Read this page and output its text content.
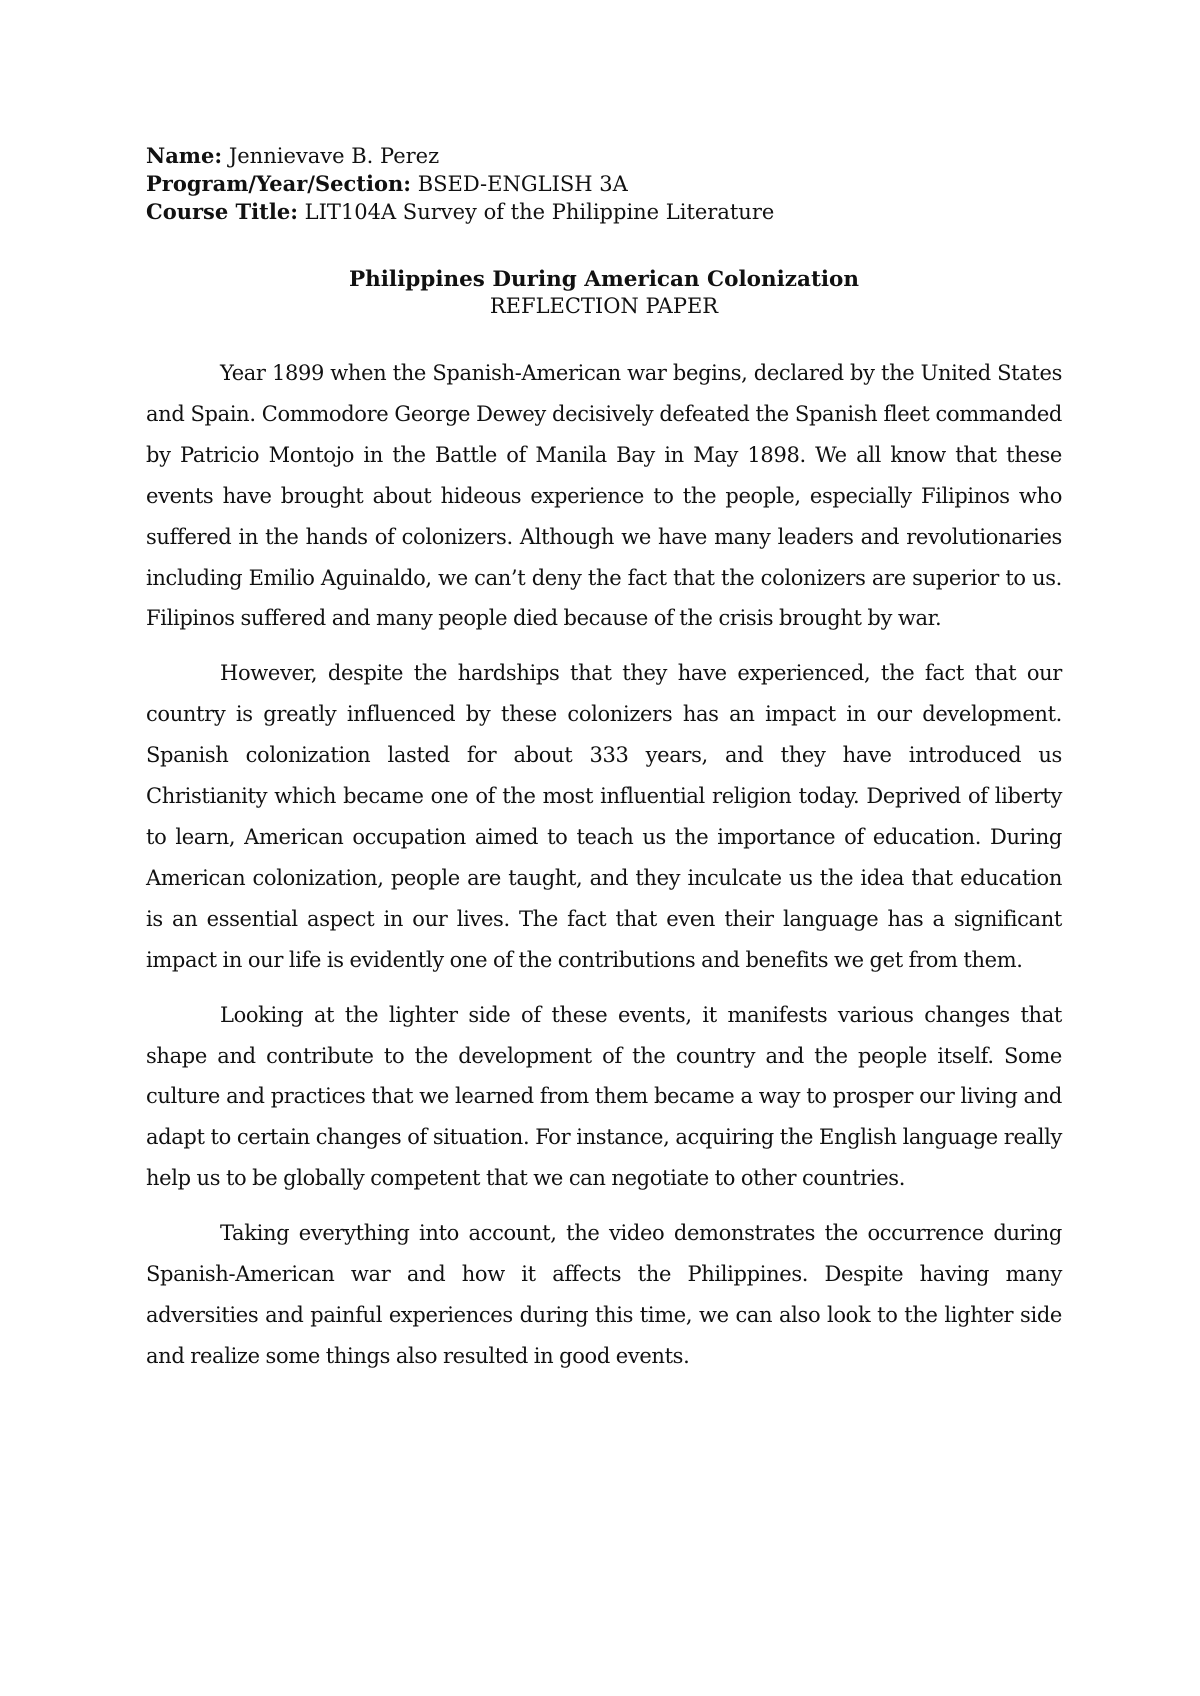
Name: Jennievave B. Perez

Program/Year/Section: BSED-ENGLISH 3A

Course Title: LIT104A Survey of the Philippine Literature

Philippines During American Colonization

REFLECTION PAPER

Year 1899 when the Spanish-American war begins, declared by the United States and Spain. Commodore George Dewey decisively defeated the Spanish fleet commanded by Patricio Montojo in the Battle of Manila Bay in May 1898. We all know that these events have brought about hideous experience to the people, especially Filipinos who suffered in the hands of colonizers. Although we have many leaders and revolutionaries including Emilio Aguinaldo, we can’t deny the fact that the colonizers are superior to us. Filipinos suffered and many people died because of the crisis brought by war.

However, despite the hardships that they have experienced, the fact that our country is greatly influenced by these colonizers has an impact in our development. Spanish colonization lasted for about 333 years, and they have introduced us Christianity which became one of the most influential religion today. Deprived of liberty to learn, American occupation aimed to teach us the importance of education. During American colonization, people are taught, and they inculcate us the idea that education is an essential aspect in our lives. The fact that even their language has a significant impact in our life is evidently one of the contributions and benefits we get from them.

Looking at the lighter side of these events, it manifests various changes that shape and contribute to the development of the country and the people itself. Some culture and practices that we learned from them became a way to prosper our living and adapt to certain changes of situation. For instance, acquiring the English language really help us to be globally competent that we can negotiate to other countries.

Taking everything into account, the video demonstrates the occurrence during Spanish-American war and how it affects the Philippines. Despite having many adversities and painful experiences during this time, we can also look to the lighter side and realize some things also resulted in good events.
